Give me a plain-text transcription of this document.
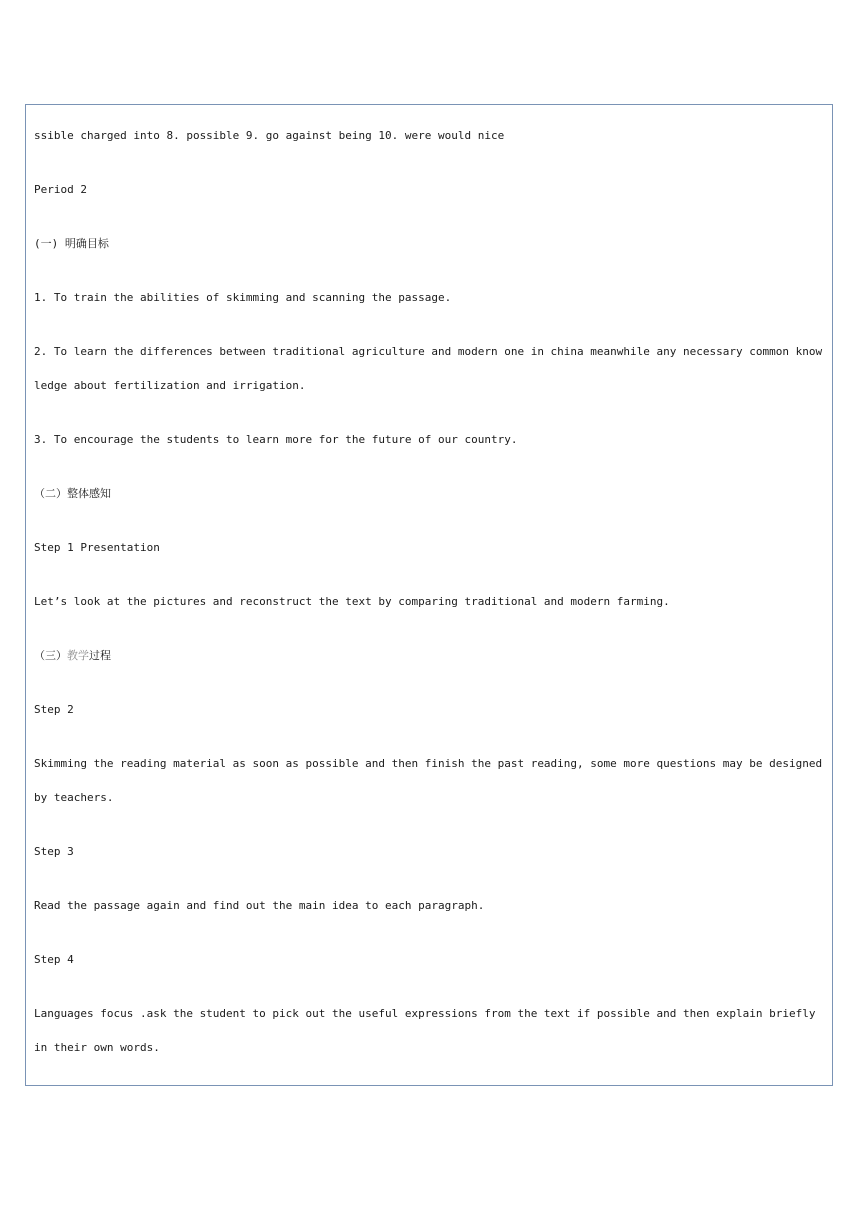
ssible charged into 8. possible 9. go against being 10. were would nice

Period 2

(一) 明确目标

1. To train the abilities of skimming and scanning the passage.

2. To learn the differences between traditional agriculture and modern one in china meanwhile any necessary common knowledge about fertilization and irrigation.

3. To encourage the students to learn more for the future of our country.

（二）整体感知

Step 1 Presentation

Let’s look at the pictures and reconstruct the text by comparing traditional and modern farming.

（三）教学过程

Step 2

Skimming the reading material as soon as possible and then finish the past reading, some more questions may be designed by teachers.

Step 3

Read the passage again and find out the main idea to each paragraph.

Step 4

Languages focus .ask the student to pick out the useful expressions from the text if possible and then explain briefly in their own words.
